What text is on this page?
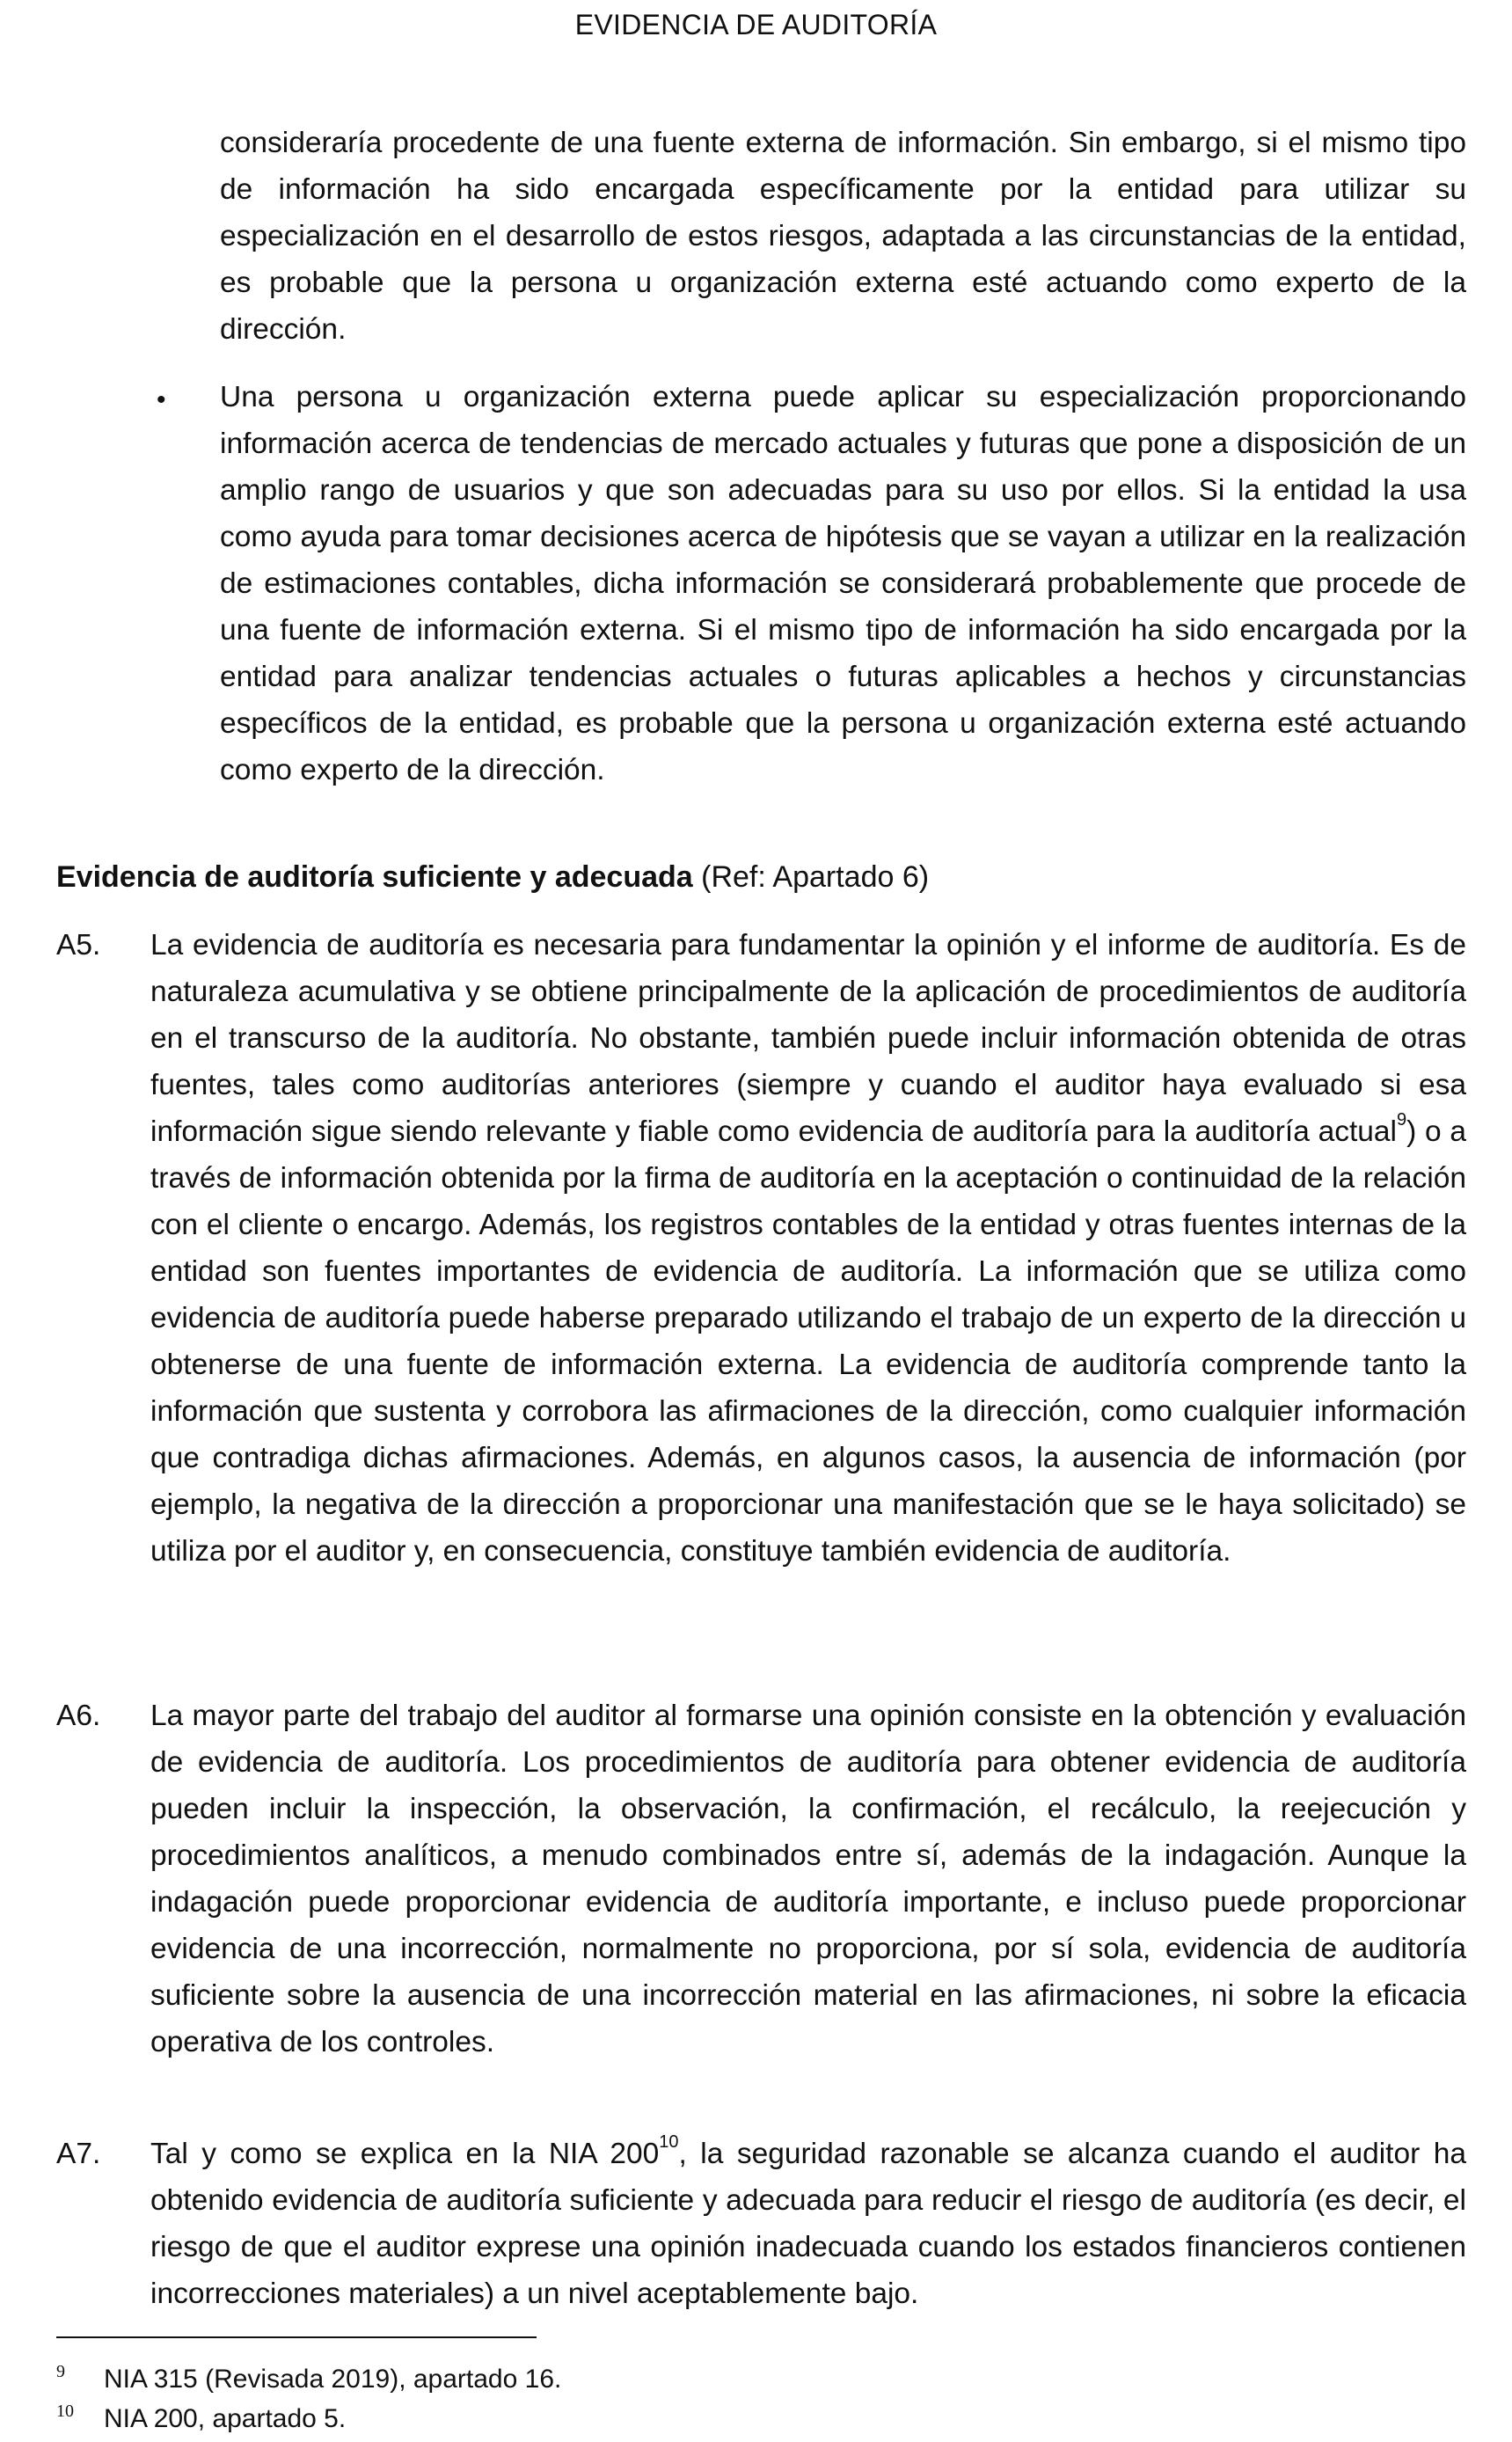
EVIDENCIA DE AUDITORÍA

consideraría procedente de una fuente externa de información. Sin embargo, si el mismo tipo de información ha sido encargada específicamente por la entidad para utilizar su especialización en el desarrollo de estos riesgos, adaptada a las circunstancias de la entidad, es probable que la persona u organización externa esté actuando como experto de la dirección.

• Una persona u organización externa puede aplicar su especialización proporcionando información acerca de tendencias de mercado actuales y futuras que pone a disposición de un amplio rango de usuarios y que son adecuadas para su uso por ellos. Si la entidad la usa como ayuda para tomar decisiones acerca de hipótesis que se vayan a utilizar en la realización de estimaciones contables, dicha información se considerará probablemente que procede de una fuente de información externa. Si el mismo tipo de información ha sido encargada por la entidad para analizar tendencias actuales o futuras aplicables a hechos y circunstancias específicos de la entidad, es probable que la persona u organización externa esté actuando como experto de la dirección.

Evidencia de auditoría suficiente y adecuada (Ref: Apartado 6)
A5. La evidencia de auditoría es necesaria para fundamentar la opinión y el informe de auditoría. Es de naturaleza acumulativa y se obtiene principalmente de la aplicación de procedimientos de auditoría en el transcurso de la auditoría. No obstante, también puede incluir información obtenida de otras fuentes, tales como auditorías anteriores (siempre y cuando el auditor haya evaluado si esa información sigue siendo relevante y fiable como evidencia de auditoría para la auditoría actual$^9$) o a través de información obtenida por la firma de auditoría en la aceptación o continuidad de la relación con el cliente o encargo. Además, los registros contables de la entidad y otras fuentes internas de la entidad son fuentes importantes de evidencia de auditoría. La información que se utiliza como evidencia de auditoría puede haberse preparado utilizando el trabajo de un experto de la dirección u obtenerse de una fuente de información externa. La evidencia de auditoría comprende tanto la información que sustenta y corrobora las afirmaciones de la dirección, como cualquier información que contradiga dichas afirmaciones. Además, en algunos casos, la ausencia de información (por ejemplo, la negativa de la dirección a proporcionar una manifestación que se le haya solicitado) se utiliza por el auditor y, en consecuencia, constituye también evidencia de auditoría.

A6. La mayor parte del trabajo del auditor al formarse una opinión consiste en la obtención y evaluación de evidencia de auditoría. Los procedimientos de auditoría para obtener evidencia de auditoría pueden incluir la inspección, la observación, la confirmación, el recálculo, la reejecución y procedimientos analíticos, a menudo combinados entre sí, además de la indagación. Aunque la indagación puede proporcionar evidencia de auditoría importante, e incluso puede proporcionar evidencia de una incorrección, normalmente no proporciona, por sí sola, evidencia de auditoría suficiente sobre la ausencia de una incorrección material en las afirmaciones, ni sobre la eficacia operativa de los controles.

A7. Tal y como se explica en la NIA 200$^{10}$, la seguridad razonable se alcanza cuando el auditor ha obtenido evidencia de auditoría suficiente y adecuada para reducir el riesgo de auditoría (es decir, el riesgo de que el auditor exprese una opinión inadecuada cuando los estados financieros contienen incorrecciones materiales) a un nivel aceptablemente bajo.

9 NIA 315 (Revisada 2019), apartado 16.
10 NIA 200, apartado 5.
